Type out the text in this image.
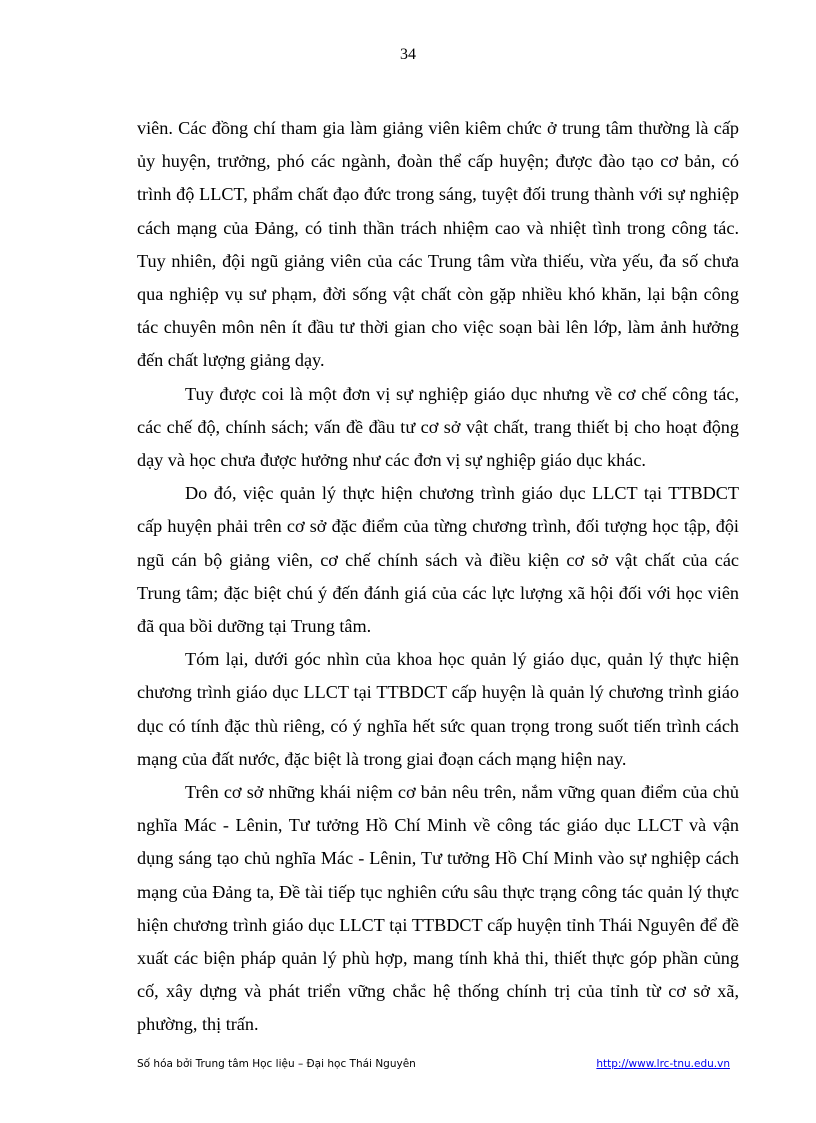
34

viên. Các đồng chí tham gia làm giảng viên kiêm chức ở trung tâm thường là cấp ủy huyện, trưởng, phó các ngành, đoàn thể cấp huyện; được đào tạo cơ bản, có trình độ LLCT, phẩm chất đạo đức trong sáng, tuyệt đối trung thành với sự nghiệp cách mạng của Đảng, có tinh thần trách nhiệm cao và nhiệt tình trong công tác. Tuy nhiên, đội ngũ giảng viên của các Trung tâm vừa thiếu, vừa yếu, đa số chưa qua nghiệp vụ sư phạm, đời sống vật chất còn gặp nhiều khó khăn, lại bận công tác chuyên môn nên ít đầu tư thời gian cho việc soạn bài lên lớp, làm ảnh hưởng đến chất lượng giảng dạy.

Tuy được coi là một đơn vị sự nghiệp giáo dục nhưng về cơ chế công tác, các chế độ, chính sách; vấn đề đầu tư cơ sở vật chất, trang thiết bị cho hoạt động dạy và học chưa được hưởng như các đơn vị sự nghiệp giáo dục khác.

Do đó, việc quản lý thực hiện chương trình giáo dục LLCT tại TTBDCT cấp huyện phải trên cơ sở đặc điểm của từng chương trình, đối tượng học tập, đội ngũ cán bộ giảng viên, cơ chế chính sách và điều kiện cơ sở vật chất của các Trung tâm; đặc biệt chú ý đến đánh giá của các lực lượng xã hội đối với học viên đã qua bồi dưỡng tại Trung tâm.

Tóm lại, dưới góc nhìn của khoa học quản lý giáo dục, quản lý thực hiện chương trình giáo dục LLCT tại TTBDCT cấp huyện là quản lý chương trình giáo dục có tính đặc thù riêng, có ý nghĩa hết sức quan trọng trong suốt tiến trình cách mạng của đất nước, đặc biệt là trong giai đoạn cách mạng hiện nay.

Trên cơ sở những khái niệm cơ bản nêu trên, nắm vững quan điểm của chủ nghĩa Mác - Lênin, Tư tưởng Hồ Chí Minh về công tác giáo dục LLCT và vận dụng sáng tạo chủ nghĩa Mác - Lênin, Tư tưởng Hồ Chí Minh vào sự nghiệp cách mạng của Đảng ta, Đề tài tiếp tục nghiên cứu sâu thực trạng công tác quản lý thực hiện chương trình giáo dục LLCT tại TTBDCT cấp huyện tỉnh Thái Nguyên để đề xuất các biện pháp quản lý phù hợp, mang tính khả thi, thiết thực góp phần củng cố, xây dựng và phát triển vững chắc hệ thống chính trị của tỉnh từ cơ sở xã, phường, thị trấn.

Số hóa bởi Trung tâm Học liệu – Đại học Thái Nguyên	http://www.lrc-tnu.edu.vn
